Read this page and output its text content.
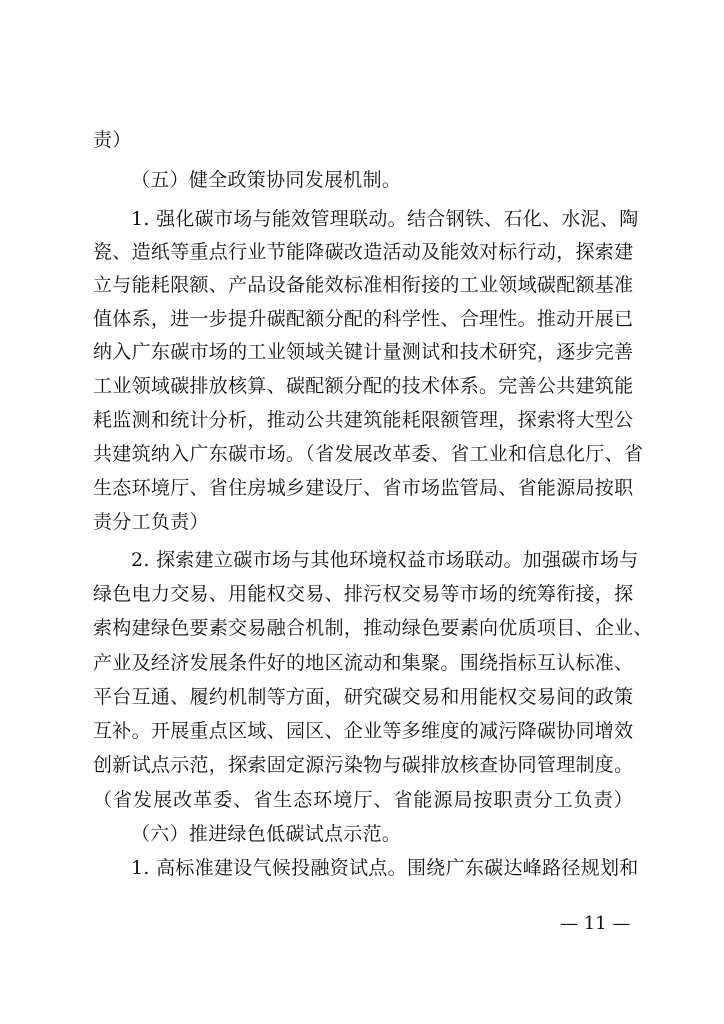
责）
（五）健全政策协同发展机制。
1. 强化碳市场与能效管理联动。结合钢铁、石化、水泥、陶
瓷、造纸等重点行业节能降碳改造活动及能效对标行动，探索建
立与能耗限额、产品设备能效标准相衔接的工业领域碳配额基准
值体系，进一步提升碳配额分配的科学性、合理性。推动开展已
纳入广东碳市场的工业领域关键计量测试和技术研究，逐步完善
工业领域碳排放核算、碳配额分配的技术体系。完善公共建筑能
耗监测和统计分析，推动公共建筑能耗限额管理，探索将大型公
共建筑纳入广东碳市场。（省发展改革委、省工业和信息化厅、省
生态环境厅、省住房城乡建设厅、省市场监管局、省能源局按职
责分工负责）
2. 探索建立碳市场与其他环境权益市场联动。加强碳市场与
绿色电力交易、用能权交易、排污权交易等市场的统筹衔接，探
索构建绿色要素交易融合机制，推动绿色要素向优质项目、企业、
产业及经济发展条件好的地区流动和集聚。围绕指标互认标准、
平台互通、履约机制等方面，研究碳交易和用能权交易间的政策
互补。开展重点区域、园区、企业等多维度的减污降碳协同增效
创新试点示范，探索固定源污染物与碳排放核查协同管理制度。
（省发展改革委、省生态环境厅、省能源局按职责分工负责）
（六）推进绿色低碳试点示范。
1. 高标准建设气候投融资试点。围绕广东碳达峰路径规划和
— 11 —
